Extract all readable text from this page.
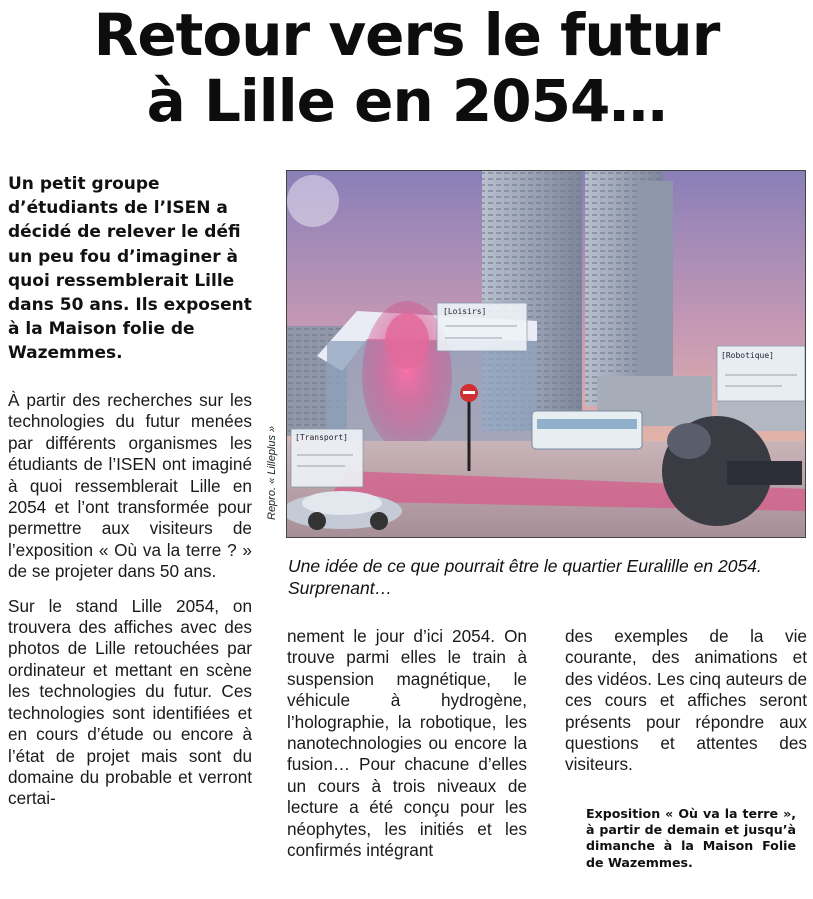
Retour vers le futur
à Lille en 2054…

Un petit groupe d’étudiants de l’ISEN a décidé de relever le défi un peu fou d’imaginer à quoi ressemblerait Lille dans 50 ans. Ils exposent à la Maison folie de Wazemmes.

À partir des recherches sur les technologies du futur menées par différents organismes les étudiants de l’ISEN ont imaginé à quoi ressemblerait Lille en 2054 et l’ont transformée pour permettre aux visiteurs de l’exposition « Où va la terre ? » de se projeter dans 50 ans.

Sur le stand Lille 2054, on trouvera des affiches avec des photos de Lille retouchées par ordinateur et mettant en scène les technologies du futur. Ces technologies sont identifiées et en cours d’étude ou encore à l’état de projet mais sont du domaine du probable et verront certai-

Repro. « Lilleplus »
[Loisirs]
[Robotique]
[Transport]

Une idée de ce que pourrait être le quartier Euralille en 2054. Surprenant…

nement le jour d’ici 2054. On trouve parmi elles le train à suspension magnétique, le véhicule à hydrogène, l’holographie, la robotique, les nanotechnologies ou encore la fusion… Pour chacune d’elles un cours à trois niveaux de lecture a été conçu pour les néophytes, les initiés et les confirmés intégrant

des exemples de la vie courante, des animations et des vidéos. Les cinq auteurs de ces cours et affiches seront présents pour répondre aux questions et attentes des visiteurs.

Exposition « Où va la terre », à partir de demain et jusqu’à dimanche à la Maison Folie de Wazemmes.
